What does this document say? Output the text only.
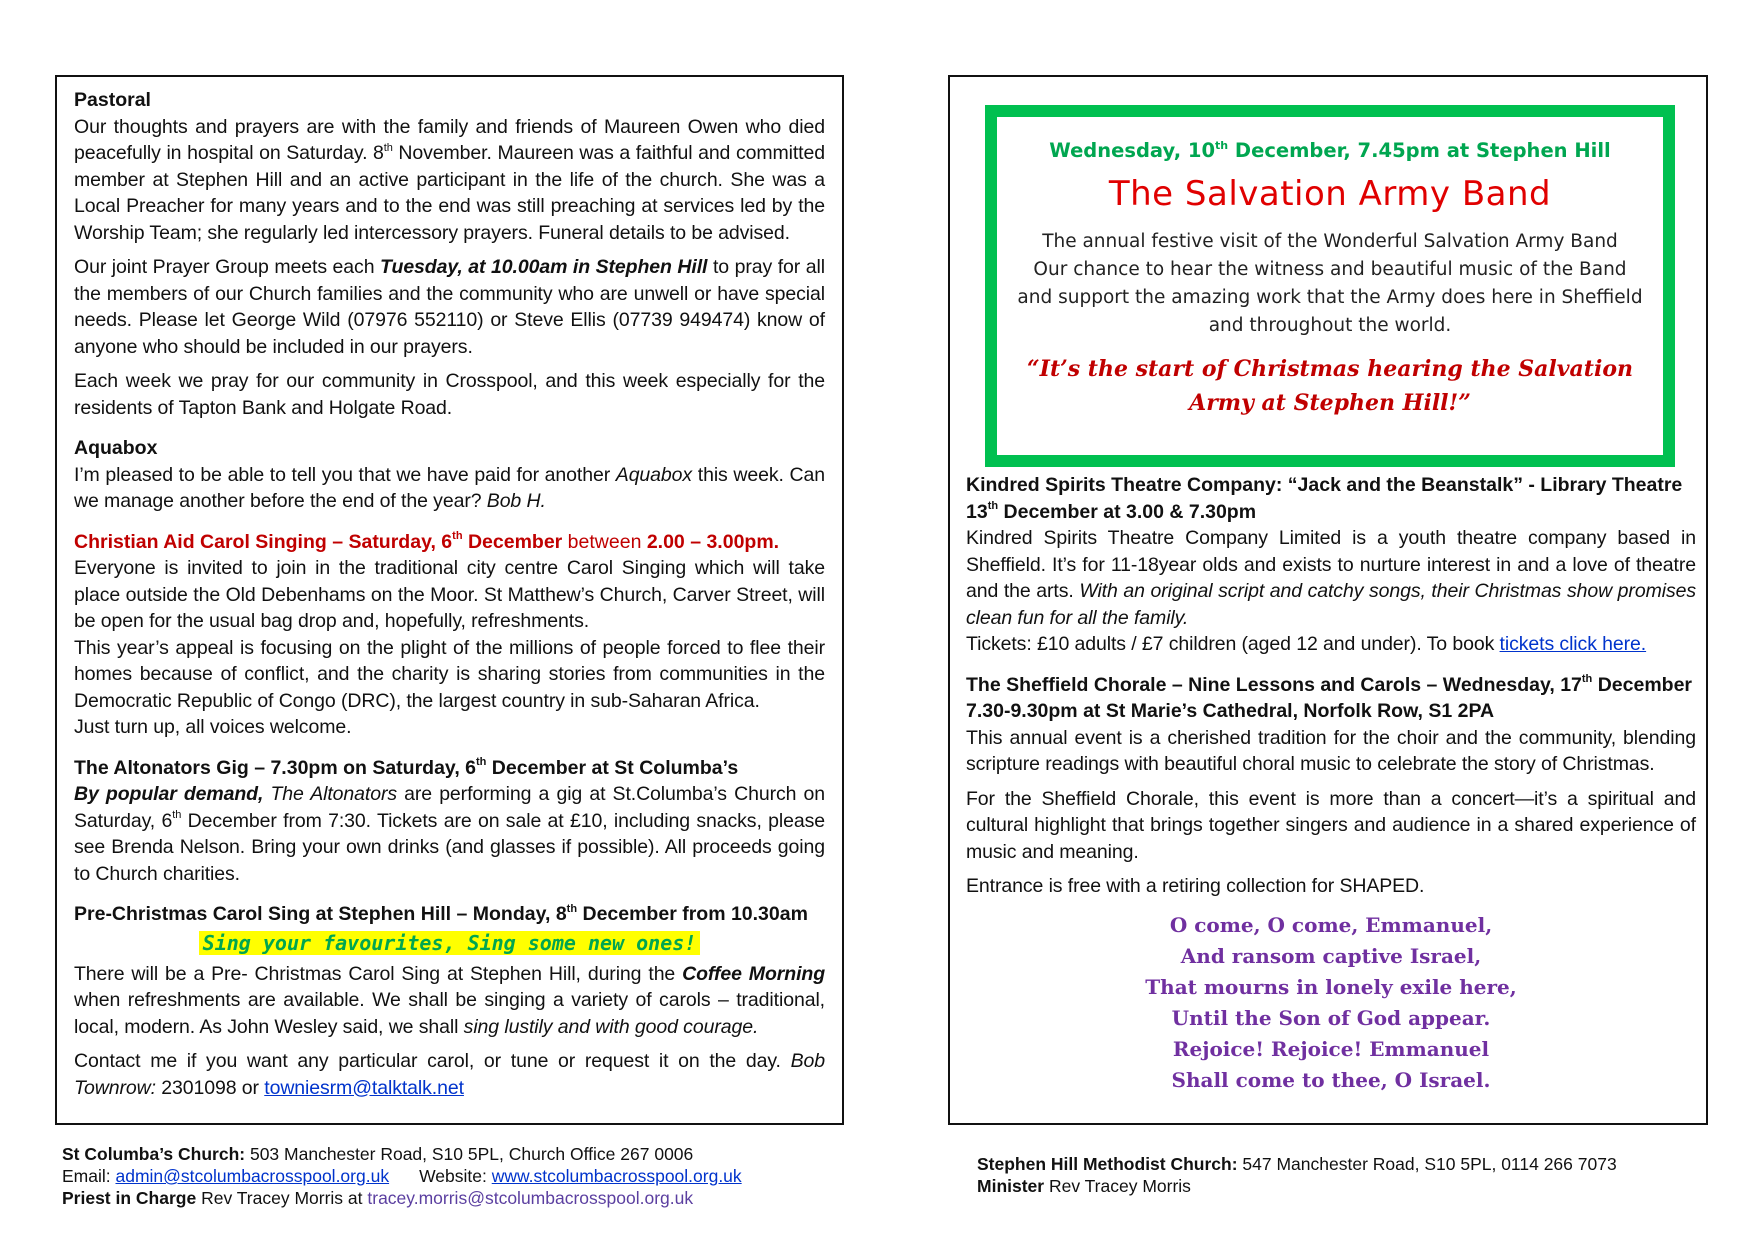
Pastoral

Our thoughts and prayers are with the family and friends of Maureen Owen who died peacefully in hospital on Saturday. 8th November. Maureen was a faithful and committed member at Stephen Hill and an active participant in the life of the church. She was a Local Preacher for many years and to the end was still preaching at services led by the Worship Team; she regularly led intercessory prayers. Funeral details to be advised.

Our joint Prayer Group meets each Tuesday, at 10.00am in Stephen Hill to pray for all the members of our Church families and the community who are unwell or have special needs. Please let George Wild (07976 552110) or Steve Ellis (07739 949474) know of anyone who should be included in our prayers.

Each week we pray for our community in Crosspool, and this week especially for the residents of Tapton Bank and Holgate Road.

Aquabox

I’m pleased to be able to tell you that we have paid for another Aquabox this week. Can we manage another before the end of the year? Bob H.

Christian Aid Carol Singing – Saturday, 6th December between 2.00 – 3.00pm.

Everyone is invited to join in the traditional city centre Carol Singing which will take place outside the Old Debenhams on the Moor. St Matthew’s Church, Carver Street, will be open for the usual bag drop and, hopefully, refreshments.

This year’s appeal is focusing on the plight of the millions of people forced to flee their homes because of conflict, and the charity is sharing stories from communities in the Democratic Republic of Congo (DRC), the largest country in sub-Saharan Africa.

Just turn up, all voices welcome.

The Altonators Gig – 7.30pm on Saturday, 6th December at St Columba’s

By popular demand, The Altonators are performing a gig at St.Columba’s Church on Saturday, 6th December from 7:30. Tickets are on sale at £10, including snacks, please see Brenda Nelson. Bring your own drinks (and glasses if possible). All proceeds going to Church charities.

Pre-Christmas Carol Sing at Stephen Hill – Monday, 8th December from 10.30am

Sing your favourites, Sing some new ones!

There will be a Pre- Christmas Carol Sing at Stephen Hill, during the Coffee Morning when refreshments are available. We shall be singing a variety of carols – traditional, local, modern. As John Wesley said, we shall sing lustily and with good courage.

Contact me if you want any particular carol, or tune or request it on the day. Bob Townrow: 2301098 or towniesrm@talktalk.net

Wednesday, 10th December, 7.45pm at Stephen Hill
The Salvation Army Band
The annual festive visit of the Wonderful Salvation Army Band
Our chance to hear the witness and beautiful music of the Band and support the amazing work that the Army does here in Sheffield and throughout the world.
“It’s the start of Christmas hearing the Salvation Army at Stephen Hill!”

Kindred Spirits Theatre Company: “Jack and the Beanstalk” - Library Theatre

13th December at 3.00 & 7.30pm

Kindred Spirits Theatre Company Limited is a youth theatre company based in Sheffield. It’s for 11-18year olds and exists to nurture interest in and a love of theatre and the arts. With an original script and catchy songs, their Christmas show promises clean fun for all the family.

Tickets: £10 adults / £7 children (aged 12 and under). To book tickets click here.

The Sheffield Chorale – Nine Lessons and Carols – Wednesday, 17th December

7.30-9.30pm at St Marie’s Cathedral, Norfolk Row, S1 2PA

This annual event is a cherished tradition for the choir and the community, blending scripture readings with beautiful choral music to celebrate the story of Christmas.

For the Sheffield Chorale, this event is more than a concert—it’s a spiritual and cultural highlight that brings together singers and audience in a shared experience of music and meaning.

Entrance is free with a retiring collection for SHAPED.

O come, O come, Emmanuel,
And ransom captive Israel,
That mourns in lonely exile here,
Until the Son of God appear.
Rejoice! Rejoice! Emmanuel
Shall come to thee, O Israel.
St Columba’s Church: 503 Manchester Road, S10 5PL, Church Office 267 0006
Email: admin@stcolumbacrosspool.org.uk Website: www.stcolumbacrosspool.org.uk
Priest in Charge Rev Tracey Morris at tracey.morris@stcolumbacrosspool.org.uk
Stephen Hill Methodist Church: 547 Manchester Road, S10 5PL, 0114 266 7073
Minister Rev Tracey Morris
